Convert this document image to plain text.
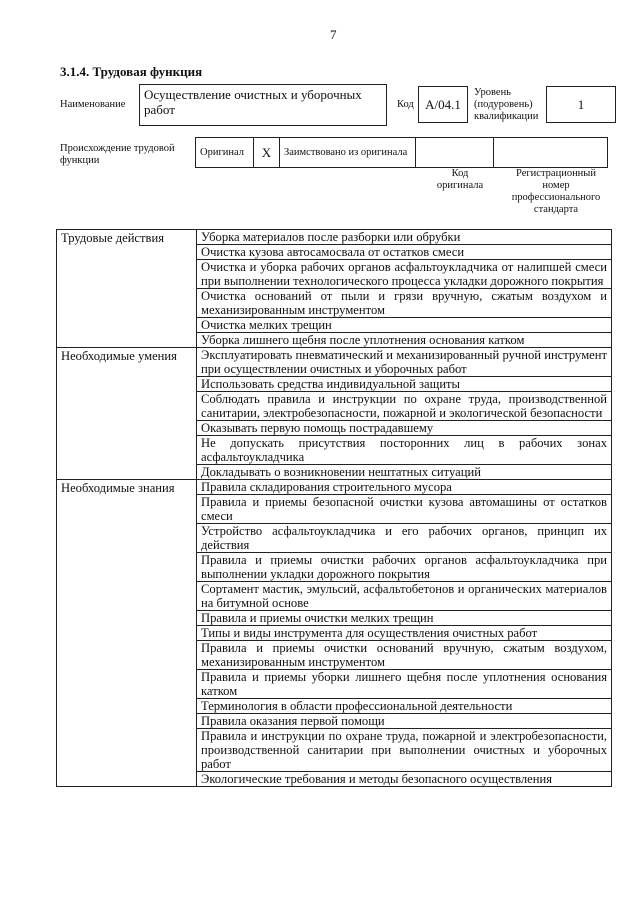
7
3.1.4. Трудовая функция
Наименование
Осуществление очистных и уборочных работ	Код А/04.1
Уровень (подуровень) квалификации
1
Происхождение трудовой функции
Оригинал	X	Заимствовано из оригинала		
Код оригинала
Регистрационный номер профессионального стандарта
Трудовые действия	Уборка материалов после разборки или обрубки
	Очистка кузова автосамосвала от остатков смеси
	Очистка и уборка рабочих органов асфальтоукладчика от налипшей смеси при выполнении технологического процесса укладки дорожного покрытия
	Очистка оснований от пыли и грязи вручную, сжатым воздухом и механизированным инструментом
	Очистка мелких трещин
	Уборка лишнего щебня после уплотнения основания катком
Необходимые умения	Эксплуатировать пневматический и механизированный ручной инструмент при осуществлении очистных и уборочных работ
	Использовать средства индивидуальной защиты
	Соблюдать правила и инструкции по охране труда, производственной санитарии, электробезопасности, пожарной и экологической безопасности
	Оказывать первую помощь пострадавшему
	Не допускать присутствия посторонних лиц в рабочих зонах асфальтоукладчика
	Докладывать о возникновении нештатных ситуаций
Необходимые знания	Правила складирования строительного мусора
	Правила и приемы безопасной очистки кузова автомашины от остатков смеси
	Устройство асфальтоукладчика и его рабочих органов, принцип их действия
	Правила и приемы очистки рабочих органов асфальтоукладчика при выполнении укладки дорожного покрытия
	Сортамент мастик, эмульсий, асфальтобетонов и органических материалов на битумной основе
	Правила и приемы очистки мелких трещин
	Типы и виды инструмента для осуществления очистных работ
	Правила и приемы очистки оснований вручную, сжатым воздухом, механизированным инструментом
	Правила и приемы уборки лишнего щебня после уплотнения основания катком
	Терминология в области профессиональной деятельности
	Правила оказания первой помощи
	Правила и инструкции по охране труда, пожарной и электробезопасности, производственной санитарии при выполнении очистных и уборочных работ
	Экологические требования и методы безопасного осуществления
